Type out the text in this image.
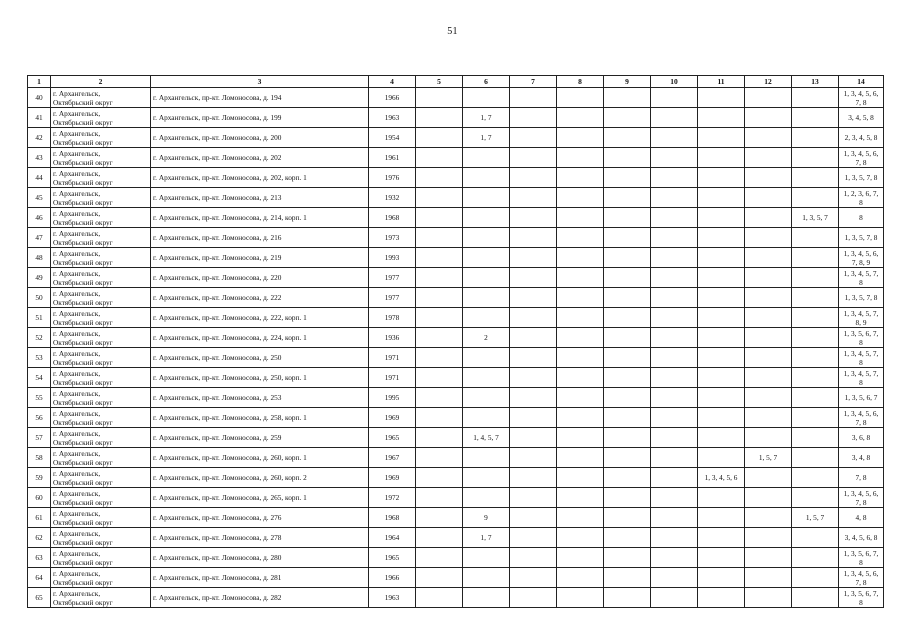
51
1	2	3	4	5	6	7	8	9	10	11	12	13	14
40	г. Архангельск,
Октябрьский округ	г. Архангельск, пр-кт. Ломоносова, д. 194	1966										1, 3, 4, 5, 6,
7, 8
41	г. Архангельск,
Октябрьский округ	г. Архангельск, пр-кт. Ломоносова, д. 199	1963		1, 7								3, 4, 5, 8
42	г. Архангельск,
Октябрьский округ	г. Архангельск, пр-кт. Ломоносова, д. 200	1954		1, 7								2, 3, 4, 5, 8
43	г. Архангельск,
Октябрьский округ	г. Архангельск, пр-кт. Ломоносова, д. 202	1961										1, 3, 4, 5, 6,
7, 8
44	г. Архангельск,
Октябрьский округ	г. Архангельск, пр-кт. Ломоносова, д. 202, корп. 1	1976										1, 3, 5, 7, 8
45	г. Архангельск,
Октябрьский округ	г. Архангельск, пр-кт. Ломоносова, д. 213	1932										1, 2, 3, 6, 7,
8
46	г. Архангельск,
Октябрьский округ	г. Архангельск, пр-кт. Ломоносова, д. 214, корп. 1	1968									1, 3, 5, 7	8
47	г. Архангельск,
Октябрьский округ	г. Архангельск, пр-кт. Ломоносова, д. 216	1973										1, 3, 5, 7, 8
48	г. Архангельск,
Октябрьский округ	г. Архангельск, пр-кт. Ломоносова, д. 219	1993										1, 3, 4, 5, 6,
7, 8, 9
49	г. Архангельск,
Октябрьский округ	г. Архангельск, пр-кт. Ломоносова, д. 220	1977										1, 3, 4, 5, 7,
8
50	г. Архангельск,
Октябрьский округ	г. Архангельск, пр-кт. Ломоносова, д. 222	1977										1, 3, 5, 7, 8
51	г. Архангельск,
Октябрьский округ	г. Архангельск, пр-кт. Ломоносова, д. 222, корп. 1	1978										1, 3, 4, 5, 7,
8, 9
52	г. Архангельск,
Октябрьский округ	г. Архангельск, пр-кт. Ломоносова, д. 224, корп. 1	1936		2								1, 3, 5, 6, 7,
8
53	г. Архангельск,
Октябрьский округ	г. Архангельск, пр-кт. Ломоносова, д. 250	1971										1, 3, 4, 5, 7,
8
54	г. Архангельск,
Октябрьский округ	г. Архангельск, пр-кт. Ломоносова, д. 250, корп. 1	1971										1, 3, 4, 5, 7,
8
55	г. Архангельск,
Октябрьский округ	г. Архангельск, пр-кт. Ломоносова, д. 253	1995										1, 3, 5, 6, 7
56	г. Архангельск,
Октябрьский округ	г. Архангельск, пр-кт. Ломоносова, д. 258, корп. 1	1969										1, 3, 4, 5, 6,
7, 8
57	г. Архангельск,
Октябрьский округ	г. Архангельск, пр-кт. Ломоносова, д. 259	1965		1, 4, 5, 7								3, 6, 8
58	г. Архангельск,
Октябрьский округ	г. Архангельск, пр-кт. Ломоносова, д. 260, корп. 1	1967								1, 5, 7		3, 4, 8
59	г. Архангельск,
Октябрьский округ	г. Архангельск, пр-кт. Ломоносова, д. 260, корп. 2	1969							1, 3, 4, 5, 6			7, 8
60	г. Архангельск,
Октябрьский округ	г. Архангельск, пр-кт. Ломоносова, д. 265, корп. 1	1972										1, 3, 4, 5, 6,
7, 8
61	г. Архангельск,
Октябрьский округ	г. Архангельск, пр-кт. Ломоносова, д. 276	1968		9							1, 5, 7	4, 8
62	г. Архангельск,
Октябрьский округ	г. Архангельск, пр-кт. Ломоносова, д. 278	1964		1, 7								3, 4, 5, 6, 8
63	г. Архангельск,
Октябрьский округ	г. Архангельск, пр-кт. Ломоносова, д. 280	1965										1, 3, 5, 6, 7,
8
64	г. Архангельск,
Октябрьский округ	г. Архангельск, пр-кт. Ломоносова, д. 281	1966										1, 3, 4, 5, 6,
7, 8
65	г. Архангельск,
Октябрьский округ	г. Архангельск, пр-кт. Ломоносова, д. 282	1963										1, 3, 5, 6, 7,
8
